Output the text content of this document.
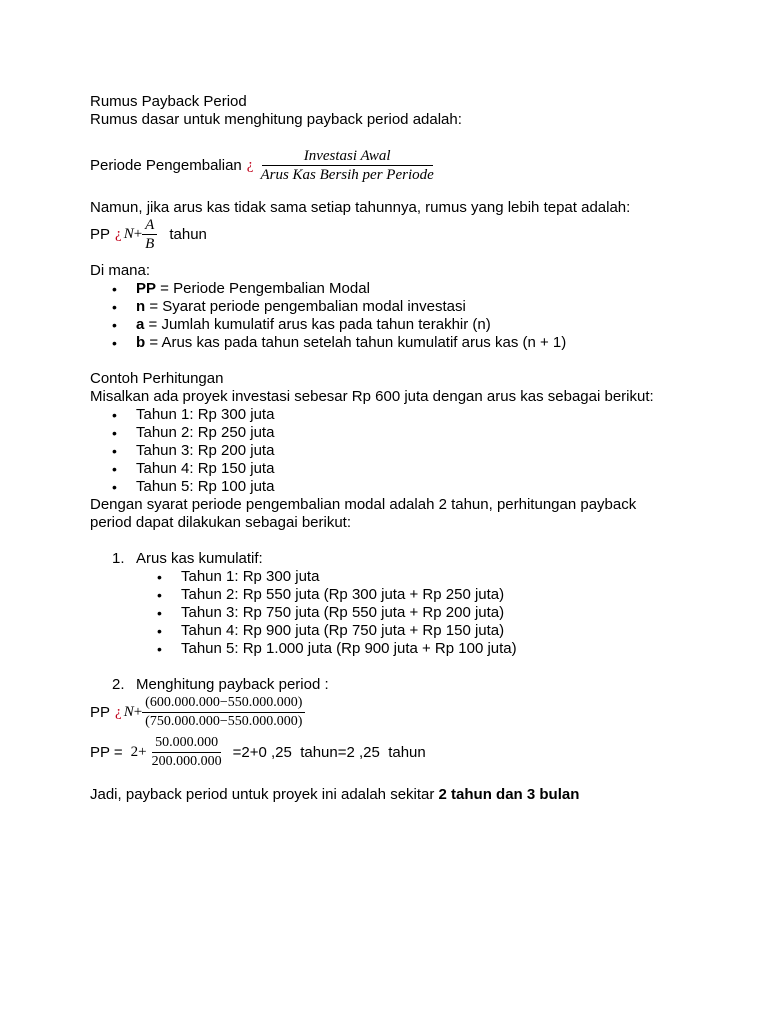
Rumus Payback Period

Rumus dasar untuk menghitung payback period adalah:

Periode Pengembalian ¿ $\frac{\text{Investasi Awal}}{\text{Arus Kas Bersih per Periode}}$

Namun, jika arus kas tidak sama setiap tahunnya, rumus yang lebih tepat adalah:

PP ¿ $N + \frac{A}{B}$ tahun

Di mana:

• PP = Periode Pengembalian Modal
• n = Syarat periode pengembalian modal investasi
• a = Jumlah kumulatif arus kas pada tahun terakhir (n)
• b = Arus kas pada tahun setelah tahun kumulatif arus kas (n + 1)

Contoh Perhitungan

Misalkan ada proyek investasi sebesar Rp 600 juta dengan arus kas sebagai berikut:

• Tahun 1: Rp 300 juta
• Tahun 2: Rp 250 juta
• Tahun 3: Rp 200 juta
• Tahun 4: Rp 150 juta
• Tahun 5: Rp 100 juta

Dengan syarat periode pengembalian modal adalah 2 tahun, perhitungan payback

period dapat dilakukan sebagai berikut:

1. Arus kas kumulatif:
• Tahun 1: Rp 300 juta
• Tahun 2: Rp 550 juta (Rp 300 juta + Rp 250 juta)
• Tahun 3: Rp 750 juta (Rp 550 juta + Rp 200 juta)
• Tahun 4: Rp 900 juta (Rp 750 juta + Rp 150 juta)
• Tahun 5: Rp 1.000 juta (Rp 900 juta + Rp 100 juta)
2. Menghitung payback period :
PP ¿ $N + \frac{(600.000.000-550.000.000)}{(750.000.000-550.000.000)}$
PP = $2+ \frac{50.000.000}{200.000.000} =2+0$ ,25  tahun=2 ,25  tahun

Jadi, payback period untuk proyek ini adalah sekitar 2 tahun dan 3 bulan
